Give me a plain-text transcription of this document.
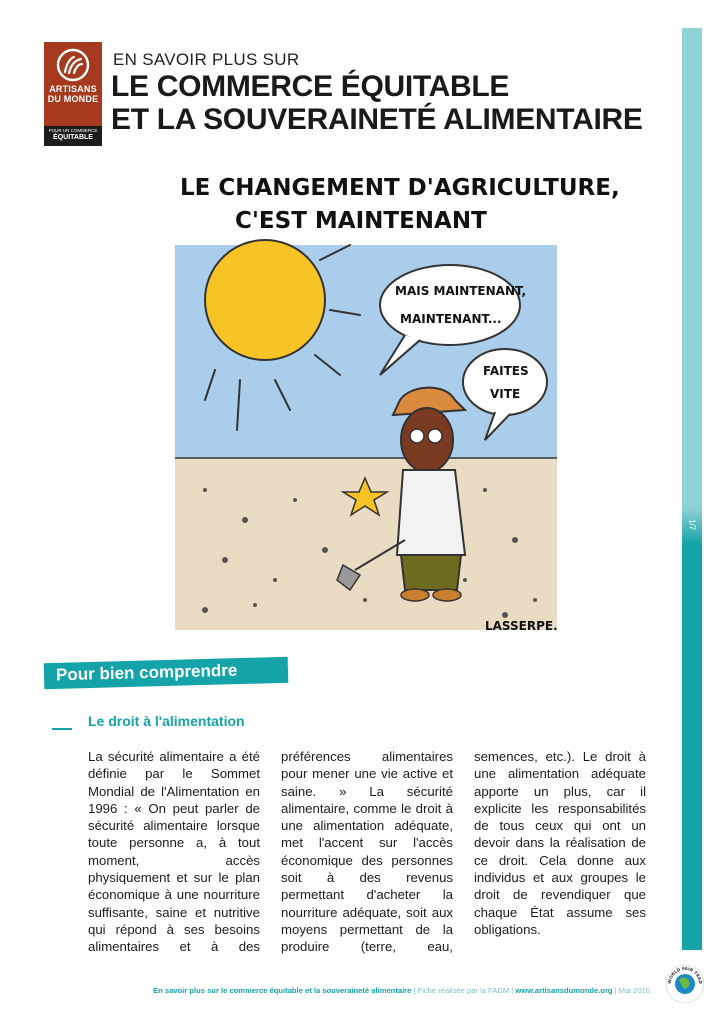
ARTISANS
DU MONDE
POUR UN COMMERCE
ÉQUITABLE
EN SAVOIR PLUS SUR
LE COMMERCE ÉQUITABLE
ET LA SOUVERAINETÉ ALIMENTAIRE
1/7
LE CHANGEMENT D'AGRICULTURE,
C'EST MAINTENANT
MAIS MAINTENANT,
MAINTENANT...
FAITES
VITE
LASSERPE.
Pour bien comprendre
Le droit à l'alimentation
La sécurité alimentaire a été définie par le Sommet Mondial de l'Alimentation en 1996 : « On peut parler de sécurité alimentaire lorsque toute personne a, à tout moment, accès physiquement et sur le plan économique à une nourriture suffisante, saine et nutritive qui répond à ses besoins alimentaires et à des préférences alimentaires pour mener une vie active et saine. » La sécurité alimentaire, comme le droit à une alimentation adéquate, met l'accent sur l'accès économique des personnes soit à des revenus permettant d'acheter la nourriture adéquate, soit aux moyens permettant de la produire (terre, eau, semences, etc.). Le droit à une alimentation adéquate apporte un plus, car il explicite les responsabilités de tous ceux qui ont un devoir dans la réalisation de ce droit. Cela donne aux individus et aux groupes le droit de revendiquer que chaque État assume ses obligations.
En savoir plus sur le commerce équitable et la souveraineté alimentaire | Fiche réalisée par la FADM | www.artisansdumonde.org | Mai 2016
WORLD FAIR TRAD
